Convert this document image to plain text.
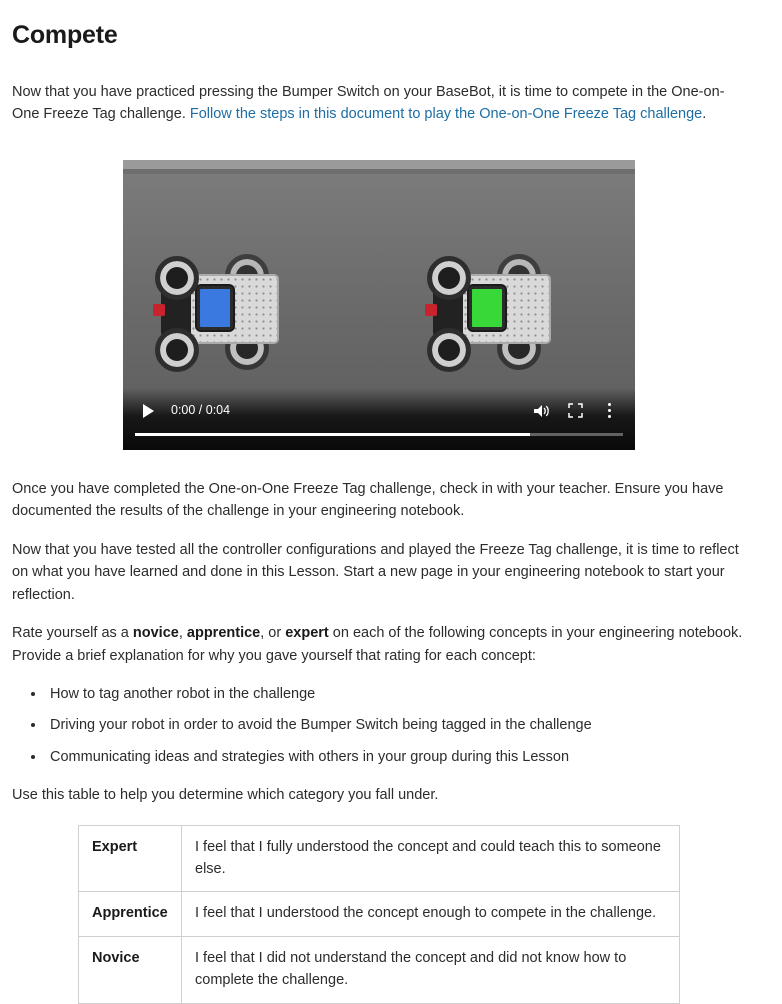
Compete

Now that you have practiced pressing the Bumper Switch on your BaseBot, it is time to compete in the One-on-One Freeze Tag challenge. Follow the steps in this document to play the One-on-One Freeze Tag challenge.

0:00 / 0:04

Once you have completed the One-on-One Freeze Tag challenge, check in with your teacher. Ensure you have documented the results of the challenge in your engineering notebook.

Now that you have tested all the controller configurations and played the Freeze Tag challenge, it is time to reflect on what you have learned and done in this Lesson. Start a new page in your engineering notebook to start your reflection.

Rate yourself as a novice, apprentice, or expert on each of the following concepts in your engineering notebook. Provide a brief explanation for why you gave yourself that rating for each concept:

• How to tag another robot in the challenge
• Driving your robot in order to avoid the Bumper Switch being tagged in the challenge
• Communicating ideas and strategies with others in your group during this Lesson

Use this table to help you determine which category you fall under.

Expert	I feel that I fully understood the concept and could teach this to someone else.
Apprentice	I feel that I understood the concept enough to compete in the challenge.
Novice	I feel that I did not understand the concept and did not know how to complete the challenge.
